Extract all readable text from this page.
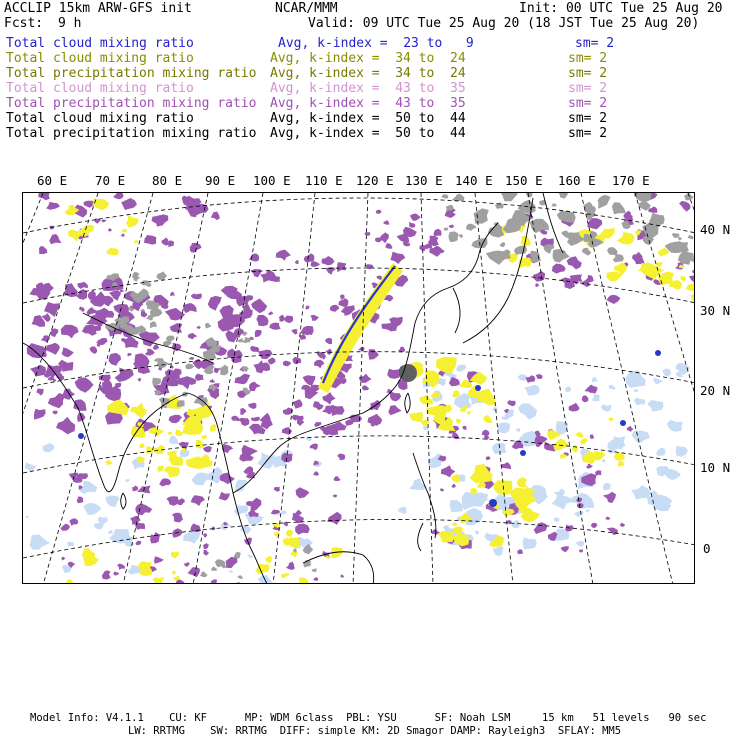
ACCLIP 15km ARW-GFS init	NCAR/MMM	Init: 00 UTC Tue 25 Aug 20
Fcst: 9 h	Valid: 09 UTC Tue 25 Aug 20 (18 JST Tue 25 Aug 20)
Total cloud mixing ratio	Avg, k-index =  23 to   9	sm= 2
Total cloud mixing ratio	Avg, k-index =  34 to  24	sm= 2
Total precipitation mixing ratio Avg, k-index =  34 to  24	sm= 2
Total cloud mixing ratio	Avg, k-index =  43 to  35	sm= 2
Total precipitation mixing ratio Avg, k-index =  43 to  35	sm= 2
Total cloud mixing ratio	Avg, k-index =  50 to  44	sm= 2
Total precipitation mixing ratio Avg, k-index =  50 to  44	sm= 2
60 E 70 E 80 E 90 E 100 E 110 E 120 E 130 E 140 E 150 E 160 E 170 E
40 N
30 N
20 N
10 N
0
Model Info: V4.1.1    CU: KF      MP: WDM 6class  PBL: YSU      SF: Noah LSM     15 km   51 levels   90 sec
LW: RRTMG    SW: RRTMG  DIFF: simple KM: 2D Smagor DAMP: Rayleigh3  SFLAY: MM5
